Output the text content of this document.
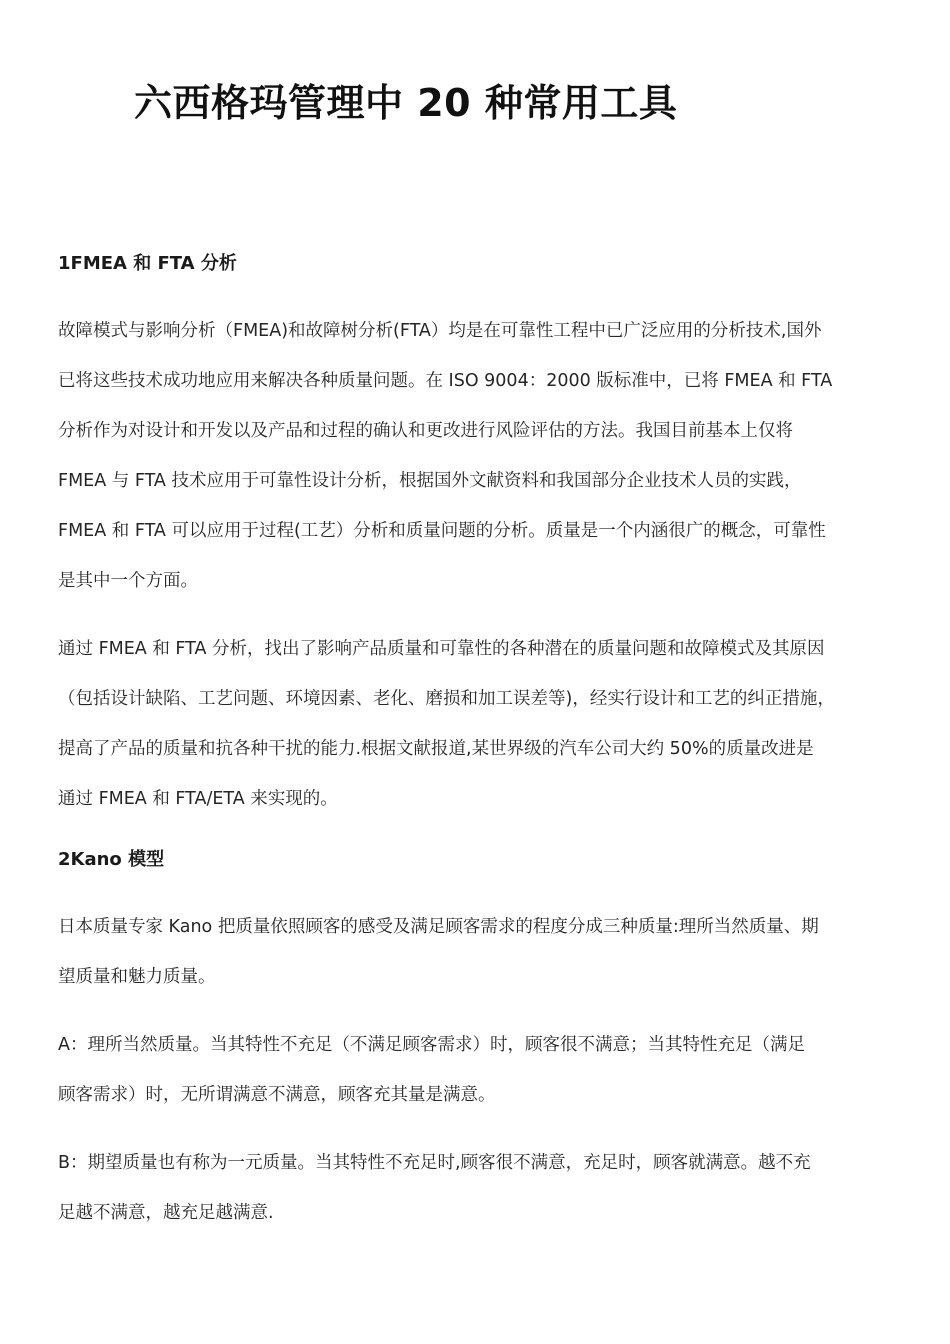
六西格玛管理中 20 种常用工具
1FMEA 和 FTA 分析

故障模式与影响分析（FMEA)和故障树分析(FTA）均是在可靠性工程中已广泛应用的分析技术,国外
已将这些技术成功地应用来解决各种质量问题。在 ISO 9004：2000 版标准中，已将 FMEA 和 FTA
分析作为对设计和开发以及产品和过程的确认和更改进行风险评估的方法。我国目前基本上仅将
FMEA 与 FTA 技术应用于可靠性设计分析，根据国外文献资料和我国部分企业技术人员的实践，
FMEA 和 FTA 可以应用于过程(工艺）分析和质量问题的分析。质量是一个内涵很广的概念，可靠性
是其中一个方面。

通过 FMEA 和 FTA 分析，找出了影响产品质量和可靠性的各种潜在的质量问题和故障模式及其原因
（包括设计缺陷、工艺问题、环境因素、老化、磨损和加工误差等)，经实行设计和工艺的纠正措施，
提高了产品的质量和抗各种干扰的能力.根据文献报道,某世界级的汽车公司大约 50%的质量改进是
通过 FMEA 和 FTA/ETA 来实现的。

2Kano 模型

日本质量专家 Kano 把质量依照顾客的感受及满足顾客需求的程度分成三种质量:理所当然质量、期
望质量和魅力质量。

A：理所当然质量。当其特性不充足（不满足顾客需求）时，顾客很不满意；当其特性充足（满足
顾客需求）时，无所谓满意不满意，顾客充其量是满意。

B：期望质量也有称为一元质量。当其特性不充足时,顾客很不满意，充足时，顾客就满意。越不充
足越不满意，越充足越满意.
